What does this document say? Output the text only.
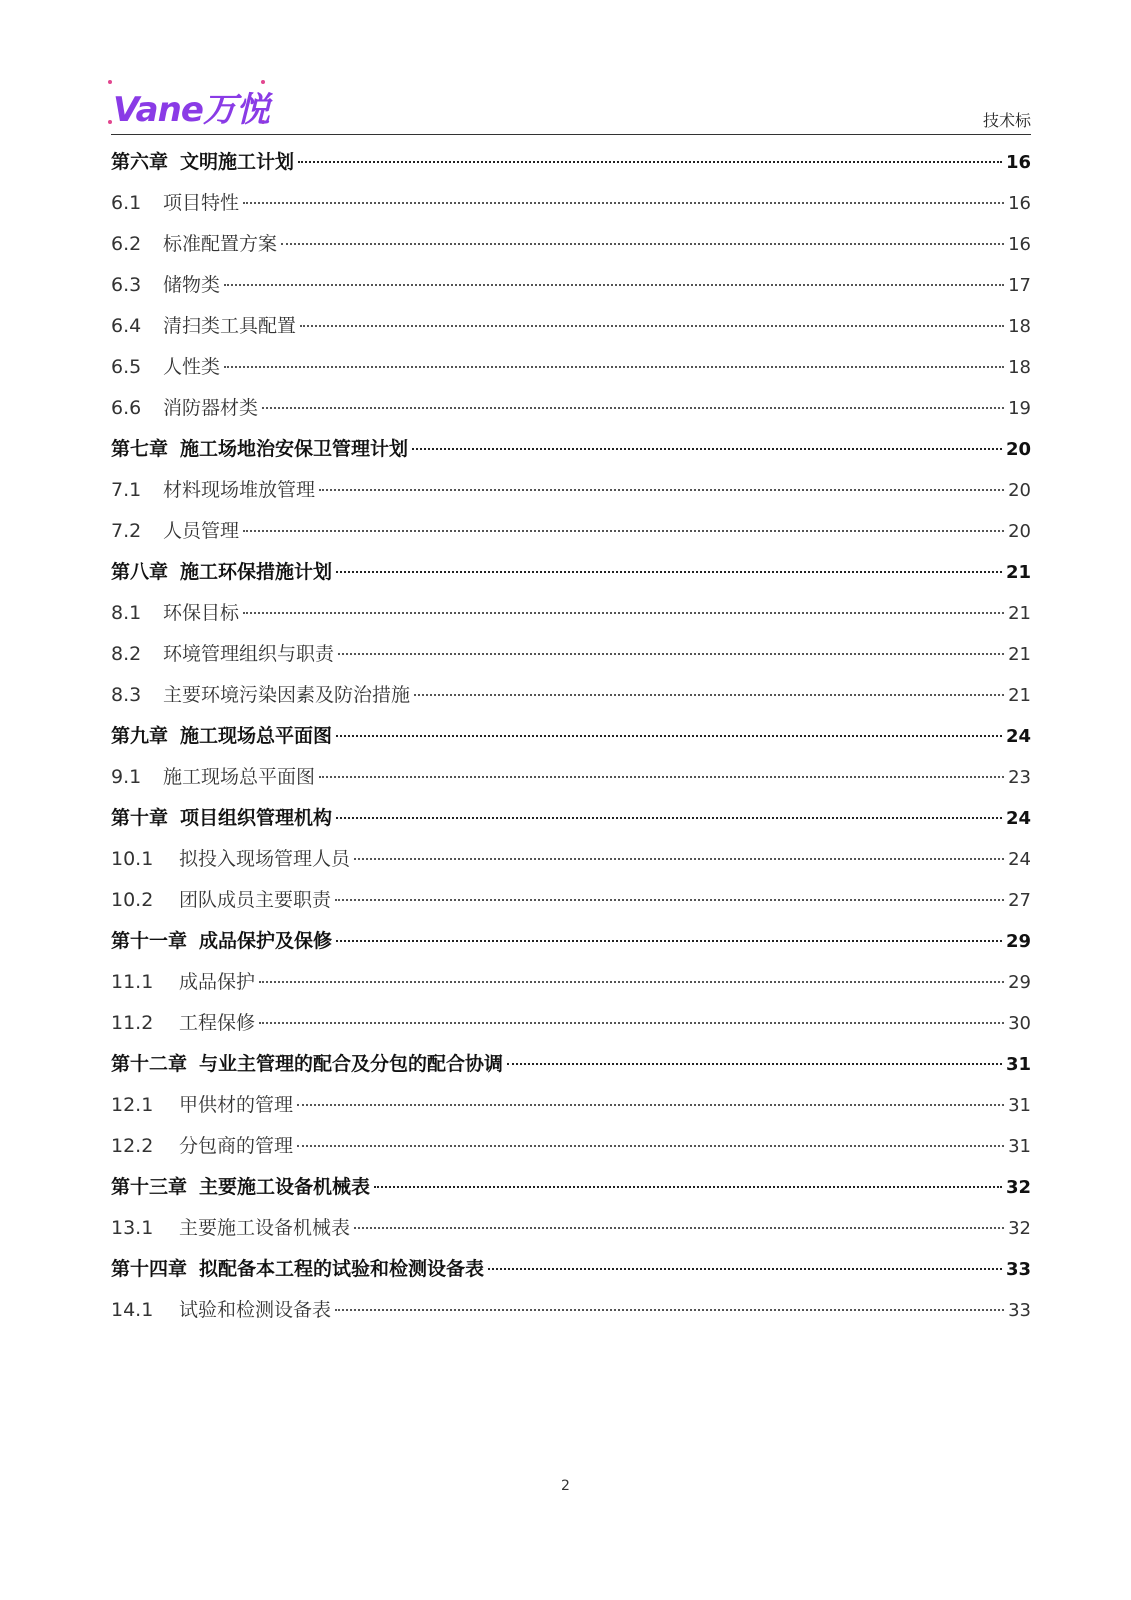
Vane万悦	技术标
第六章 文明施工计划	16
6.1	项目特性	16
6.2	标准配置方案	16
6.3	储物类	17
6.4	清扫类工具配置	18
6.5	人性类	18
6.6	消防器材类	19
第七章 施工场地治安保卫管理计划	20
7.1	材料现场堆放管理	20
7.2	人员管理	20
第八章 施工环保措施计划	21
8.1	环保目标	21
8.2	环境管理组织与职责	21
8.3	主要环境污染因素及防治措施	21
第九章 施工现场总平面图	24
9.1	施工现场总平面图	23
第十章 项目组织管理机构	24
10.1	拟投入现场管理人员	24
10.2	团队成员主要职责	27
第十一章 成品保护及保修	29
11.1	成品保护	29
11.2	工程保修	30
第十二章 与业主管理的配合及分包的配合协调	31
12.1	甲供材的管理	31
12.2	分包商的管理	31
第十三章 主要施工设备机械表	32
13.1	主要施工设备机械表	32
第十四章 拟配备本工程的试验和检测设备表	33
14.1	试验和检测设备表	33
2
